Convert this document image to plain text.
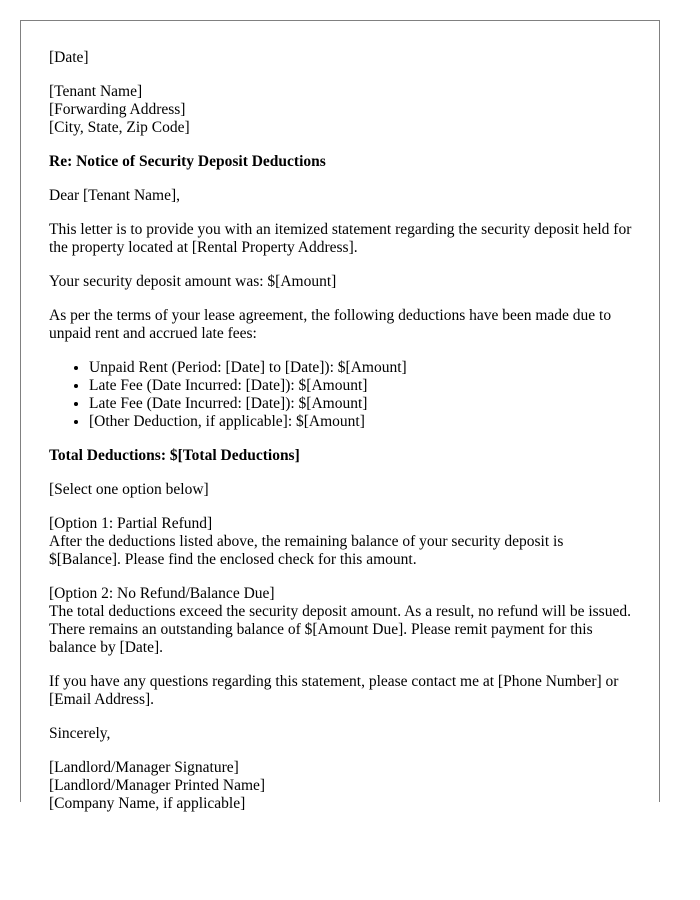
[Date]

[Tenant Name]
[Forwarding Address]
[City, State, Zip Code]

Re: Notice of Security Deposit Deductions

Dear [Tenant Name],

This letter is to provide you with an itemized statement regarding the security deposit held for the property located at [Rental Property Address].

Your security deposit amount was: $[Amount]

As per the terms of your lease agreement, the following deductions have been made due to unpaid rent and accrued late fees:

• Unpaid Rent (Period: [Date] to [Date]): $[Amount]
• Late Fee (Date Incurred: [Date]): $[Amount]
• Late Fee (Date Incurred: [Date]): $[Amount]
• [Other Deduction, if applicable]: $[Amount]

Total Deductions: $[Total Deductions]

[Select one option below]

[Option 1: Partial Refund]
After the deductions listed above, the remaining balance of your security deposit is $[Balance]. Please find the enclosed check for this amount.

[Option 2: No Refund/Balance Due]
The total deductions exceed the security deposit amount. As a result, no refund will be issued. There remains an outstanding balance of $[Amount Due]. Please remit payment for this balance by [Date].

If you have any questions regarding this statement, please contact me at [Phone Number] or [Email Address].

Sincerely,

[Landlord/Manager Signature]
[Landlord/Manager Printed Name]
[Company Name, if applicable]
